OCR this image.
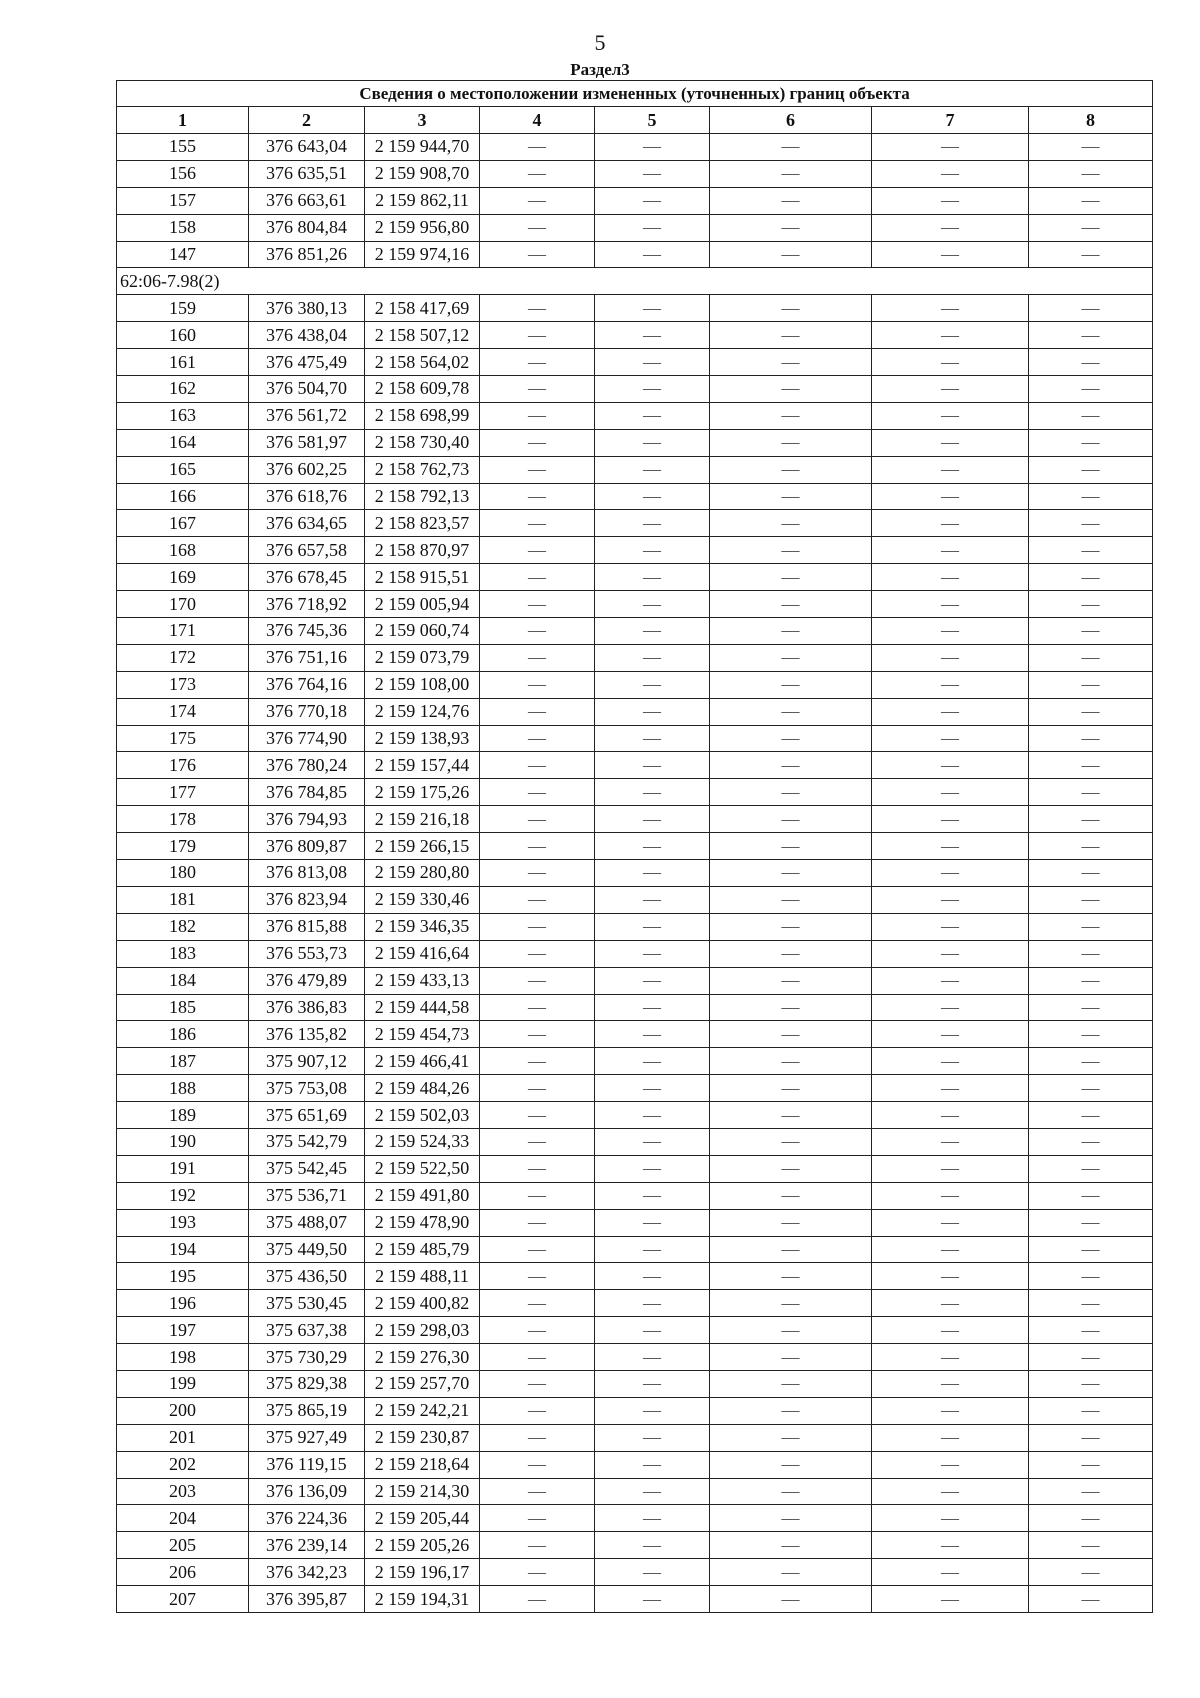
5
Раздел3
Сведения о местоположении измененных (уточненных) границ объекта							
1	2	3	4	5	6	7	8
155	376 643,04	2 159 944,70	—	—	—	—	—
156	376 635,51	2 159 908,70	—	—	—	—	—
157	376 663,61	2 159 862,11	—	—	—	—	—
158	376 804,84	2 159 956,80	—	—	—	—	—
147	376 851,26	2 159 974,16	—	—	—	—	—
62:06-7.98(2)							
159	376 380,13	2 158 417,69	—	—	—	—	—
160	376 438,04	2 158 507,12	—	—	—	—	—
161	376 475,49	2 158 564,02	—	—	—	—	—
162	376 504,70	2 158 609,78	—	—	—	—	—
163	376 561,72	2 158 698,99	—	—	—	—	—
164	376 581,97	2 158 730,40	—	—	—	—	—
165	376 602,25	2 158 762,73	—	—	—	—	—
166	376 618,76	2 158 792,13	—	—	—	—	—
167	376 634,65	2 158 823,57	—	—	—	—	—
168	376 657,58	2 158 870,97	—	—	—	—	—
169	376 678,45	2 158 915,51	—	—	—	—	—
170	376 718,92	2 159 005,94	—	—	—	—	—
171	376 745,36	2 159 060,74	—	—	—	—	—
172	376 751,16	2 159 073,79	—	—	—	—	—
173	376 764,16	2 159 108,00	—	—	—	—	—
174	376 770,18	2 159 124,76	—	—	—	—	—
175	376 774,90	2 159 138,93	—	—	—	—	—
176	376 780,24	2 159 157,44	—	—	—	—	—
177	376 784,85	2 159 175,26	—	—	—	—	—
178	376 794,93	2 159 216,18	—	—	—	—	—
179	376 809,87	2 159 266,15	—	—	—	—	—
180	376 813,08	2 159 280,80	—	—	—	—	—
181	376 823,94	2 159 330,46	—	—	—	—	—
182	376 815,88	2 159 346,35	—	—	—	—	—
183	376 553,73	2 159 416,64	—	—	—	—	—
184	376 479,89	2 159 433,13	—	—	—	—	—
185	376 386,83	2 159 444,58	—	—	—	—	—
186	376 135,82	2 159 454,73	—	—	—	—	—
187	375 907,12	2 159 466,41	—	—	—	—	—
188	375 753,08	2 159 484,26	—	—	—	—	—
189	375 651,69	2 159 502,03	—	—	—	—	—
190	375 542,79	2 159 524,33	—	—	—	—	—
191	375 542,45	2 159 522,50	—	—	—	—	—
192	375 536,71	2 159 491,80	—	—	—	—	—
193	375 488,07	2 159 478,90	—	—	—	—	—
194	375 449,50	2 159 485,79	—	—	—	—	—
195	375 436,50	2 159 488,11	—	—	—	—	—
196	375 530,45	2 159 400,82	—	—	—	—	—
197	375 637,38	2 159 298,03	—	—	—	—	—
198	375 730,29	2 159 276,30	—	—	—	—	—
199	375 829,38	2 159 257,70	—	—	—	—	—
200	375 865,19	2 159 242,21	—	—	—	—	—
201	375 927,49	2 159 230,87	—	—	—	—	—
202	376 119,15	2 159 218,64	—	—	—	—	—
203	376 136,09	2 159 214,30	—	—	—	—	—
204	376 224,36	2 159 205,44	—	—	—	—	—
205	376 239,14	2 159 205,26	—	—	—	—	—
206	376 342,23	2 159 196,17	—	—	—	—	—
207	376 395,87	2 159 194,31	—	—	—	—	—
